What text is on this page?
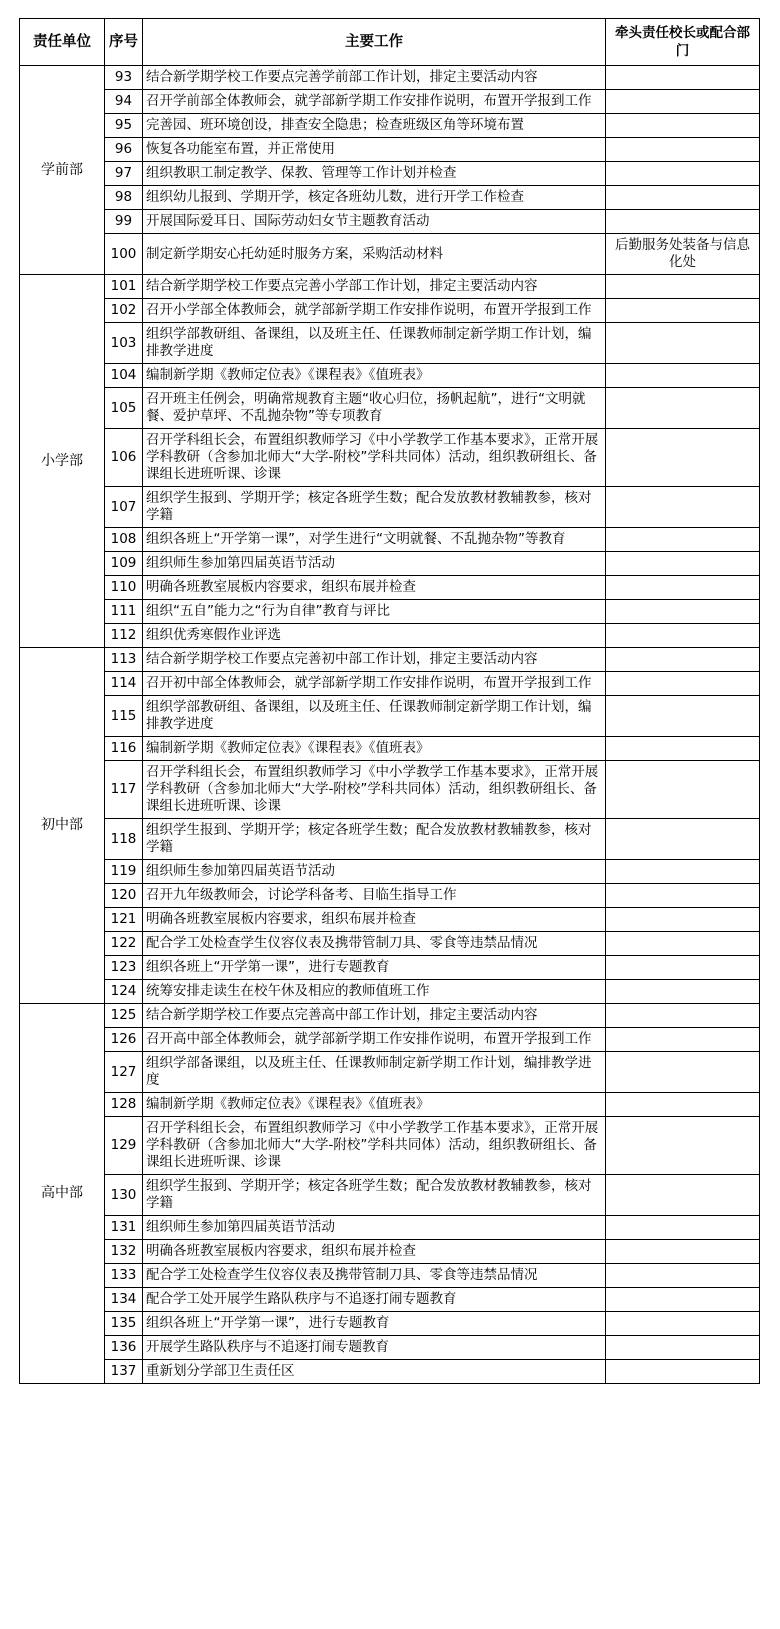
责任单位	序号	主要工作	牵头责任校长或配合部门
学前部	93	结合新学期学校工作要点完善学前部工作计划，排定主要活动内容	
	94	召开学前部全体教师会，就学部新学期工作安排作说明，布置开学报到工作	
	95	完善园、班环境创设，排查安全隐患；检查班级区角等环境布置	
	96	恢复各功能室布置，并正常使用	
	97	组织教职工制定教学、保教、管理等工作计划并检查	
	98	组织幼儿报到、学期开学，核定各班幼儿数，进行开学工作检查	
	99	开展国际爱耳日、国际劳动妇女节主题教育活动	
	100	制定新学期安心托幼延时服务方案，采购活动材料	后勤服务处装备与信息化处
小学部	101	结合新学期学校工作要点完善小学部工作计划，排定主要活动内容	
	102	召开小学部全体教师会，就学部新学期工作安排作说明，布置开学报到工作	
	103	组织学部教研组、备课组，以及班主任、任课教师制定新学期工作计划，编排教学进度	
	104	编制新学期《教师定位表》《课程表》《值班表》	
	105	召开班主任例会，明确常规教育主题“收心归位，扬帆起航”，进行“文明就餐、爱护草坪、不乱抛杂物”等专项教育	
	106	召开学科组长会，布置组织教师学习《中小学教学工作基本要求》，正常开展学科教研（含参加北师大“大学-附校”学科共同体）活动，组织教研组长、备课组长进班听课、诊课	
	107	组织学生报到、学期开学；核定各班学生数；配合发放教材教辅教参，核对学籍	
	108	组织各班上“开学第一课”，对学生进行“文明就餐、不乱抛杂物”等教育	
	109	组织师生参加第四届英语节活动	
	110	明确各班教室展板内容要求，组织布展并检查	
	111	组织“五自”能力之“行为自律”教育与评比	
	112	组织优秀寒假作业评选	
初中部	113	结合新学期学校工作要点完善初中部工作计划，排定主要活动内容	
	114	召开初中部全体教师会，就学部新学期工作安排作说明，布置开学报到工作	
	115	组织学部教研组、备课组，以及班主任、任课教师制定新学期工作计划，编排教学进度	
	116	编制新学期《教师定位表》《课程表》《值班表》	
	117	召开学科组长会，布置组织教师学习《中小学教学工作基本要求》，正常开展学科教研（含参加北师大“大学-附校”学科共同体）活动，组织教研组长、备课组长进班听课、诊课	
	118	组织学生报到、学期开学；核定各班学生数；配合发放教材教辅教参，核对学籍	
	119	组织师生参加第四届英语节活动	
	120	召开九年级教师会，讨论学科备考、目临生指导工作	
	121	明确各班教室展板内容要求，组织布展并检查	
	122	配合学工处检查学生仪容仪表及携带管制刀具、零食等违禁品情况	
	123	组织各班上“开学第一课”，进行专题教育	
	124	统筹安排走读生在校午休及相应的教师值班工作	
高中部	125	结合新学期学校工作要点完善高中部工作计划，排定主要活动内容	
	126	召开高中部全体教师会，就学部新学期工作安排作说明，布置开学报到工作	
	127	组织学部备课组，以及班主任、任课教师制定新学期工作计划，编排教学进度	
	128	编制新学期《教师定位表》《课程表》《值班表》	
	129	召开学科组长会，布置组织教师学习《中小学教学工作基本要求》，正常开展学科教研（含参加北师大“大学-附校”学科共同体）活动，组织教研组长、备课组长进班听课、诊课	
	130	组织学生报到、学期开学；核定各班学生数；配合发放教材教辅教参，核对学籍	
	131	组织师生参加第四届英语节活动	
	132	明确各班教室展板内容要求，组织布展并检查	
	133	配合学工处检查学生仪容仪表及携带管制刀具、零食等违禁品情况	
	134	配合学工处开展学生路队秩序与不追逐打闹专题教育	
	135	组织各班上“开学第一课”，进行专题教育	
	136	开展学生路队秩序与不追逐打闹专题教育	
	137	重新划分学部卫生责任区	
